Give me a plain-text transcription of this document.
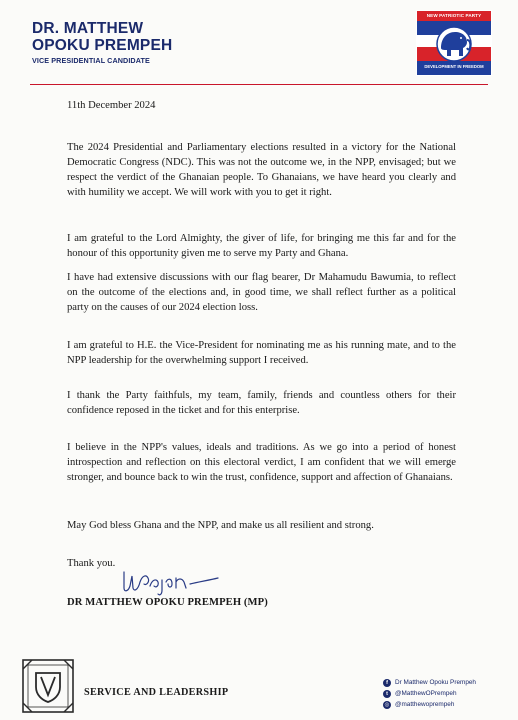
DR. MATTHEW
OPOKU PREMPEH
VICE PRESIDENTIAL CANDIDATE
NEW PATRIOTIC PARTY
DEVELOPMENT IN FREEDOM
11th December 2024

The 2024 Presidential and Parliamentary elections resulted in a victory for the National Democratic Congress (NDC). This was not the outcome we, in the NPP, envisaged; but we respect the verdict of the Ghanaian people. To Ghanaians, we have heard you clearly and with humility we accept. We will work with you to get it right.

I am grateful to the Lord Almighty, the giver of life, for bringing me this far and for the honour of this opportunity given me to serve my Party and Ghana.

I have had extensive discussions with our flag bearer, Dr Mahamudu Bawumia, to reflect on the outcome of the elections and, in good time, we shall reflect further as a political party on the causes of our 2024 election loss.

I am grateful to H.E. the Vice-President for nominating me as his running mate, and to the NPP leadership for the overwhelming support I received.

I thank the Party faithfuls, my team, family, friends and countless others for their confidence reposed in the ticket and for this enterprise.

I believe in the NPP's values, ideals and traditions. As we go into a period of honest introspection and reflection on this electoral verdict, I am confident that we will emerge stronger, and bounce back to win the trust, confidence, support and affection of Ghanaians.

May God bless Ghana and the NPP, and make us all resilient and strong.

Thank you.

DR MATTHEW OPOKU PREMPEH (MP)
SERVICE AND LEADERSHIP
f	Dr Matthew Opoku Prempeh
t	@MatthewOPrempeh
◎ @matthewoprempeh
